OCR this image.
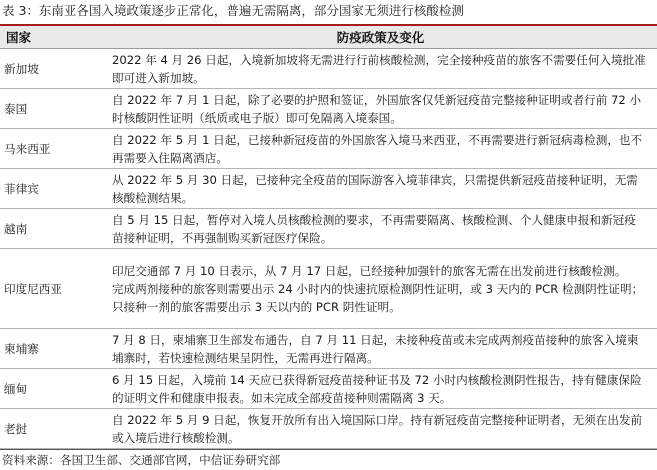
表 3：东南亚各国入境政策逐步正常化，普遍无需隔离，部分国家无须进行核酸检测
国家	防疫政策及变化
新加坡	2022 年 4 月 26 日起，入境新加坡将无需进行行前核酸检测，完全接种疫苗的旅客不需要任何入境批准即可进入新加坡。

泰国	自 2022 年 7 月 1 日起，除了必要的护照和签证，外国旅客仅凭新冠疫苗完整接种证明或者行前 72 小时核酸阴性证明（纸质或电子版）即可免隔离入境泰国。

马来西亚	自 2022 年 5 月 1 日起，已接种新冠疫苗的外国旅客入境马来西亚，不再需要进行新冠病毒检测，也不再需要入住隔离酒店。

菲律宾	从 2022 年 5 月 30 日起，已接种完全疫苗的国际游客入境菲律宾，只需提供新冠疫苗接种证明，无需核酸检测结果。

越南	自 5 月 15 日起，暂停对入境人员核酸检测的要求，不再需要隔离、核酸检测、个人健康申报和新冠疫苗接种证明，不再强制购买新冠医疗保险。

印度尼西亚	印尼交通部 7 月 10 日表示，从 7 月 17 日起，已经接种加强针的旅客无需在出发前进行核酸检测。
完成两剂接种的旅客则需要出示 24 小时内的快速抗原检测阴性证明，或 3 天内的 PCR 检测阴性证明；只接种一剂的旅客需要出示 3 天以内的 PCR 阴性证明。

柬埔寨	7 月 8 日，柬埔寨卫生部发布通告，自 7 月 11 日起，未接种疫苗或未完成两剂疫苗接种的旅客入境柬埔寨时，若快速检测结果呈阴性，无需再进行隔离。

缅甸	6 月 15 日起，入境前 14 天应已获得新冠疫苗接种证书及 72 小时内核酸检测阴性报告，持有健康保险的证明文件和健康申报表。如未完成全部疫苗接种则需隔离 3 天。

老挝	自 2022 年 5 月 9 日起，恢复开放所有出入境国际口岸。持有新冠疫苗完整接种证明者，无须在出发前或入境后进行核酸检测。
资料来源：各国卫生部、交通部官网，中信证券研究部
